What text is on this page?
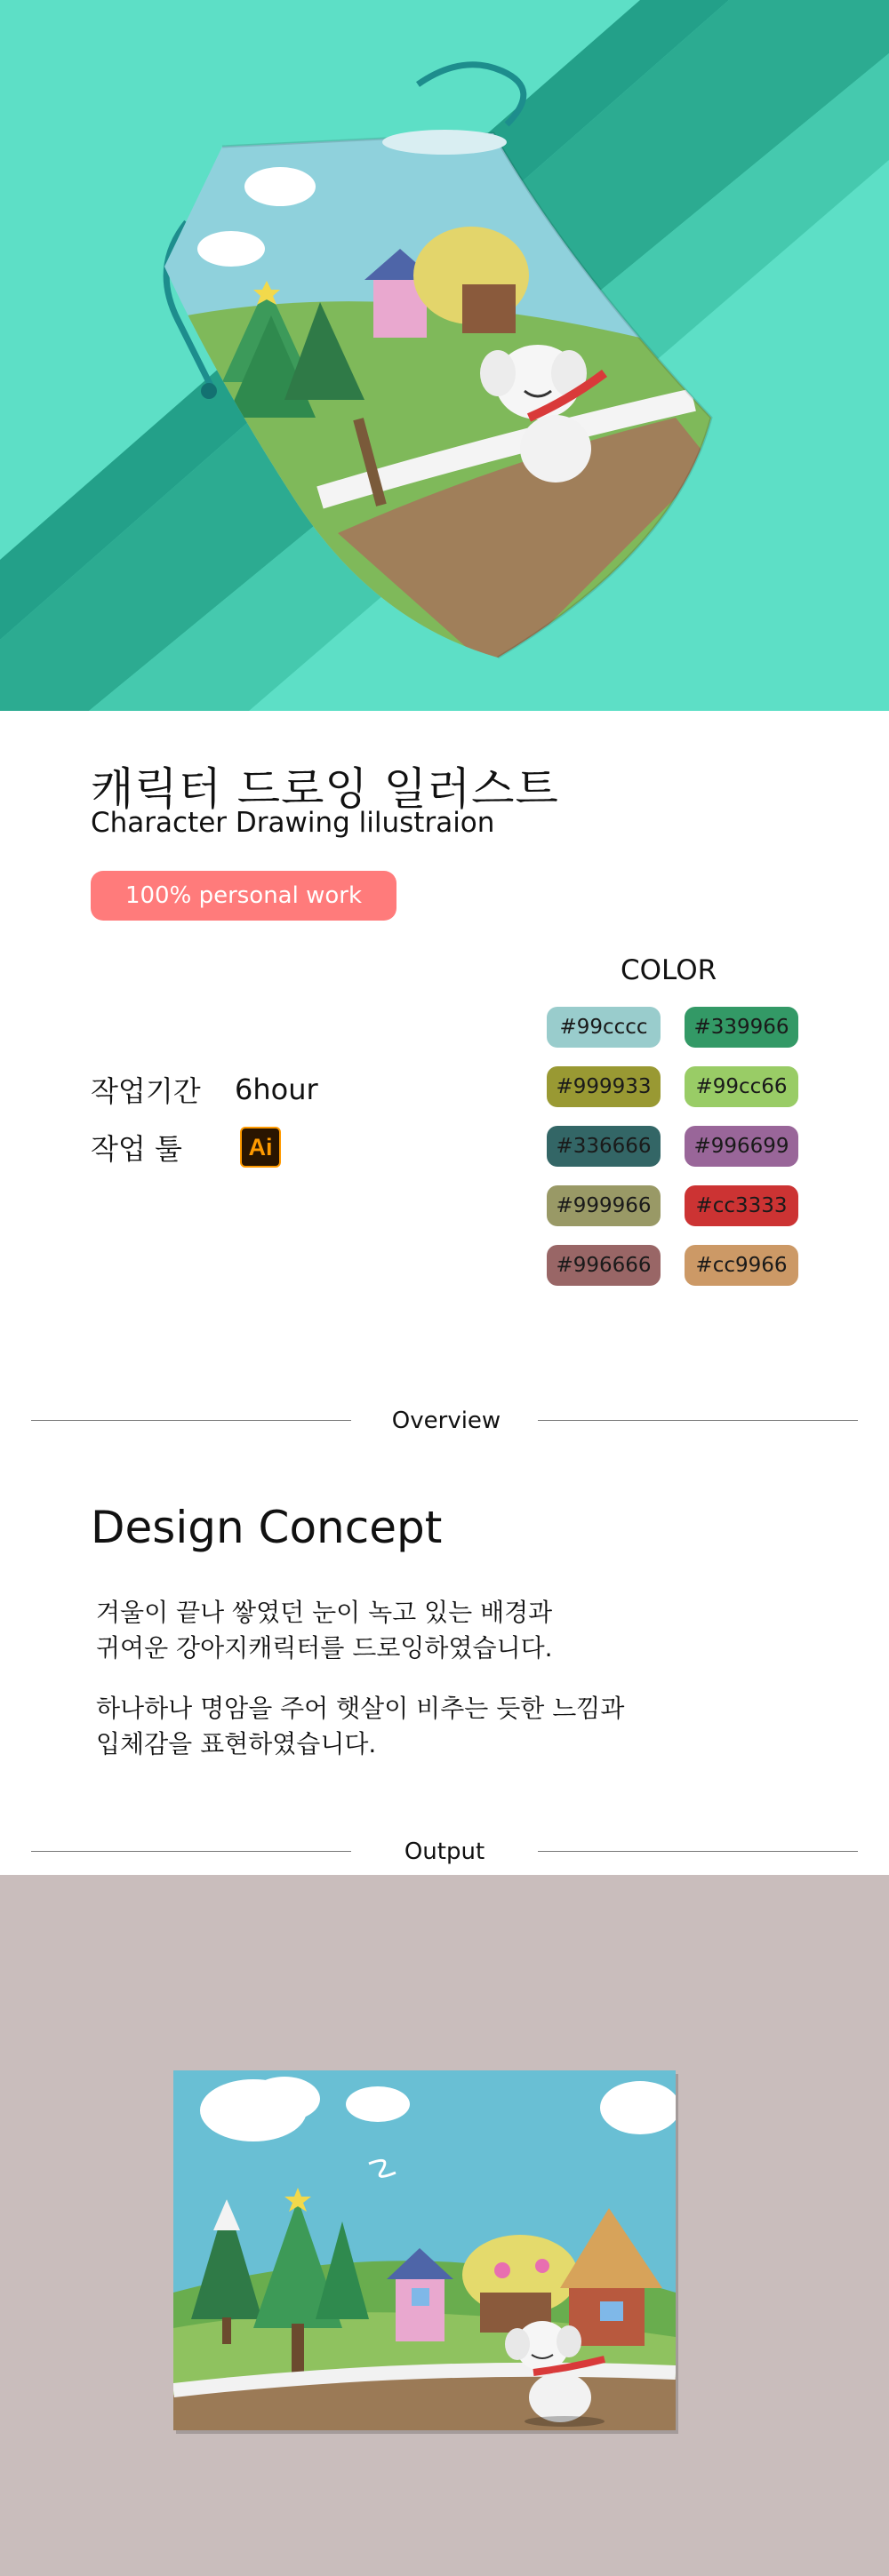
캐릭터 드로잉 일러스트
Character Drawing lilustraion
100% personal work
작업기간	6hour
작업 툴	Ai
COLOR
#99cccc	#339966
#999933	#99cc66
#336666	#996699
#999966	#cc3333
#996666	#cc9966
Overview
Design Concept
겨울이 끝나 쌓였던 눈이 녹고 있는 배경과
귀여운 강아지캐릭터를 드로잉하였습니다.
하나하나 명암을 주어 햇살이 비추는 듯한 느낌과
입체감을 표현하였습니다.
Output
